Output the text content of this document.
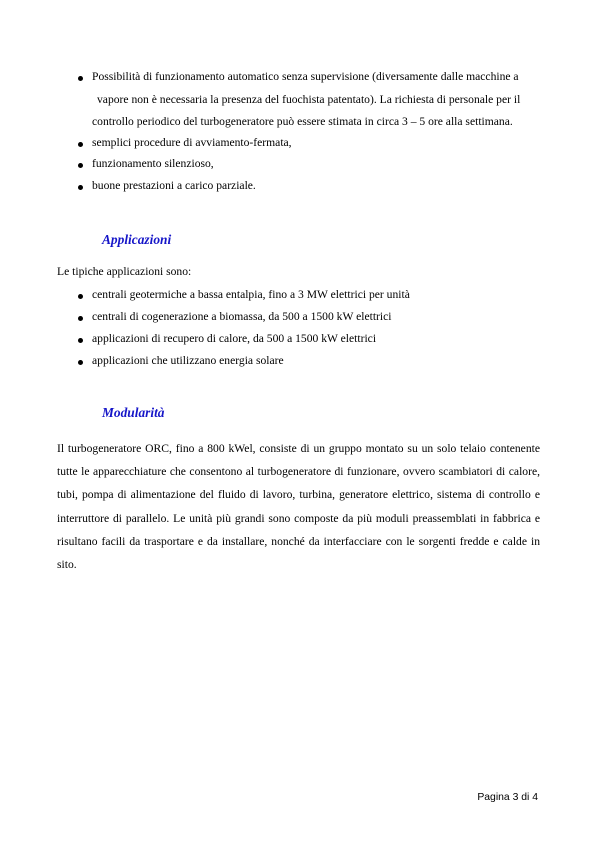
Possibilità di funzionamento automatico senza supervisione (diversamente dalle macchine a
vapore non è necessaria la presenza del fuochista patentato). La richiesta di personale per il
controllo periodico del turbogeneratore può essere stimata in circa 3 – 5 ore alla settimana.
semplici procedure di avviamento-fermata,
funzionamento silenzioso,
buone prestazioni a carico parziale.
Applicazioni

Le tipiche applicazioni sono:

centrali geotermiche a bassa entalpia, fino a 3 MW elettrici per unità
centrali di cogenerazione a biomassa, da 500 a 1500 kW elettrici
applicazioni di recupero di calore, da 500 a 1500 kW elettrici
applicazioni che utilizzano energia solare
Modularità

Il turbogeneratore ORC, fino a 800 kWel, consiste di un gruppo montato su un solo telaio contenente tutte le apparecchiature che consentono al turbogeneratore di funzionare, ovvero scambiatori di calore, tubi, pompa di alimentazione del fluido di lavoro, turbina, generatore elettrico, sistema di controllo e interruttore di parallelo. Le unità più grandi sono composte da più moduli preassemblati in fabbrica e risultano facili da trasportare e da installare, nonché da interfacciare con le sorgenti fredde e calde in sito.

Pagina 3 di 4
